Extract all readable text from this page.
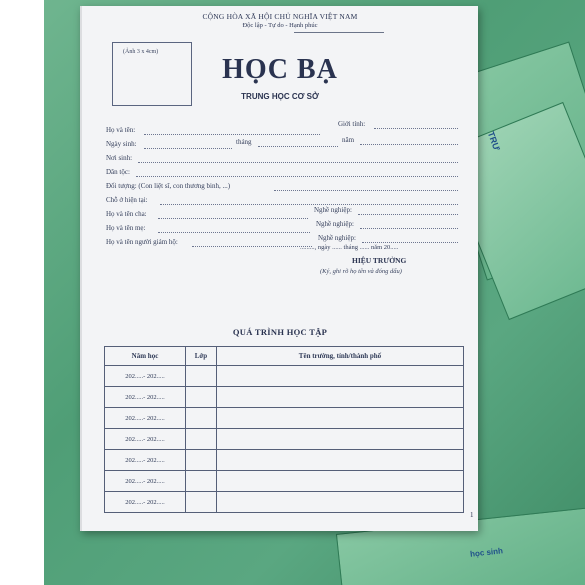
TRƯ
học sinh
CỘNG HÒA XÃ HỘI CHỦ NGHĨA VIỆT NAM
Độc lập - Tự do - Hạnh phúc
(Ảnh 3 x 4cm)
HỌC BẠ
TRUNG HỌC CƠ SỞ
Họ và tên:
Giới tính:
Ngày sinh:	tháng	năm
Nơi sinh:
Dân tộc:
Đối tượng: (Con liệt sĩ, con thương binh, ...)
Chỗ ở hiện tại:
Họ và tên cha:	Nghề nghiệp:
Họ và tên mẹ:	Nghề nghiệp:
Họ và tên người giám hộ:	Nghề nghiệp:
........., ngày ...... tháng ...... năm 20.....
HIỆU TRƯỞNG
(Ký, ghi rõ họ tên và đóng dấu)
QUÁ TRÌNH HỌC TẬP
Năm học	Lớp	Tên trường, tỉnh/thành phố
202.....- 202.....		
202.....- 202.....		
202.....- 202.....		
202.....- 202.....		
202.....- 202.....		
202.....- 202.....		
202.....- 202.....		
1
